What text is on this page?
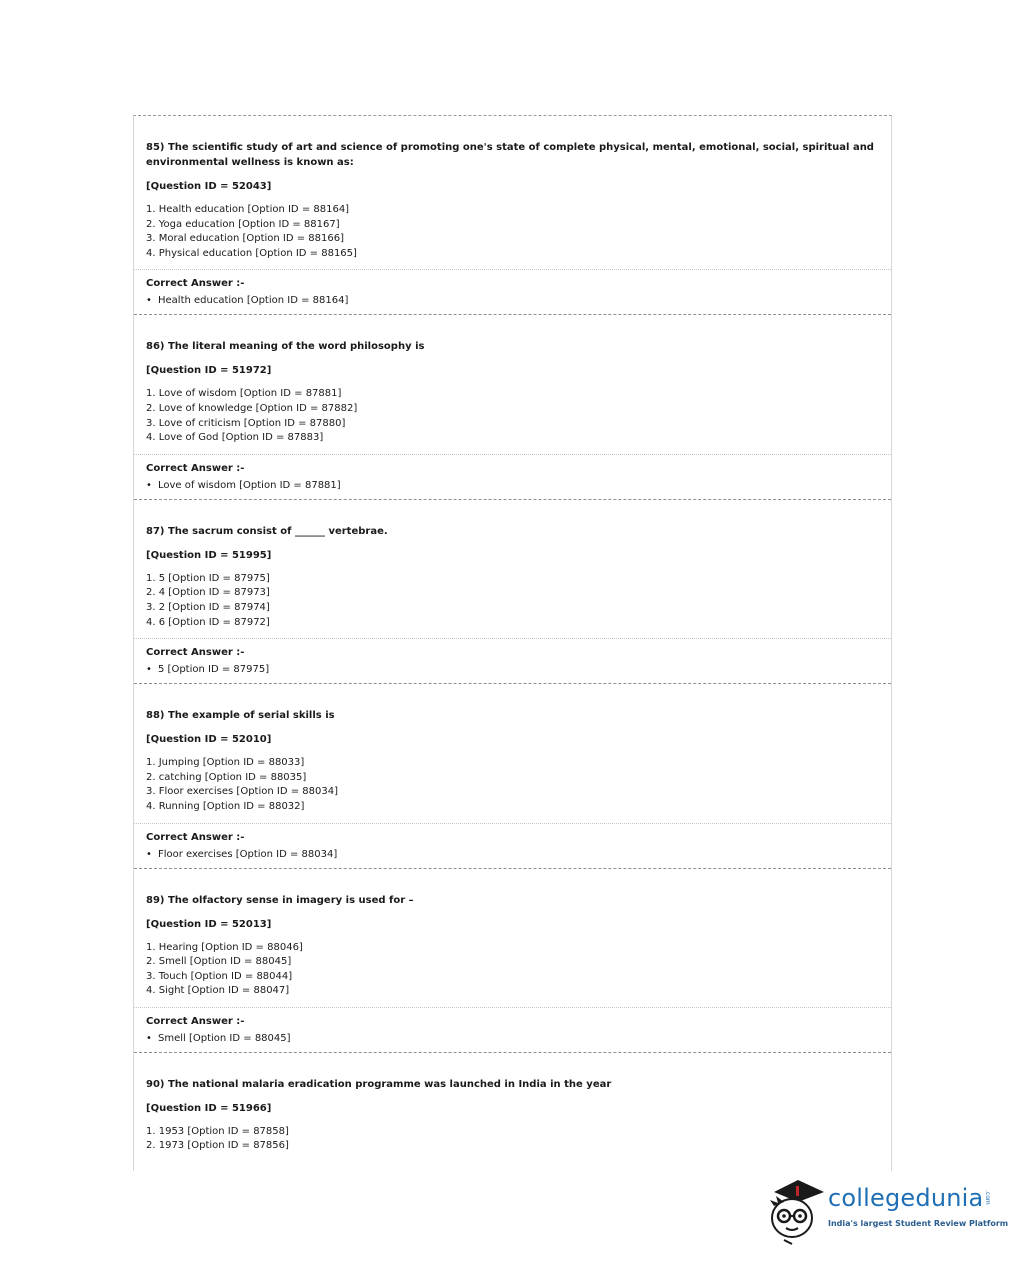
85) The scientific study of art and science of promoting one's state of complete physical, mental, emotional, social, spiritual and environmental wellness is known as:

[Question ID = 52043]

1. Health education [Option ID = 88164]
2. Yoga education [Option ID = 88167]
3. Moral education [Option ID = 88166]
4. Physical education [Option ID = 88165]
Correct Answer :-
• Health education [Option ID = 88164]

86) The literal meaning of the word philosophy is

[Question ID = 51972]

1. Love of wisdom [Option ID = 87881]
2. Love of knowledge [Option ID = 87882]
3. Love of criticism [Option ID = 87880]
4. Love of God [Option ID = 87883]
Correct Answer :-
• Love of wisdom [Option ID = 87881]

87) The sacrum consist of ______ vertebrae.

[Question ID = 51995]

1. 5 [Option ID = 87975]
2. 4 [Option ID = 87973]
3. 2 [Option ID = 87974]
4. 6 [Option ID = 87972]
Correct Answer :-
• 5 [Option ID = 87975]

88) The example of serial skills is

[Question ID = 52010]

1. Jumping [Option ID = 88033]
2. catching [Option ID = 88035]
3. Floor exercises [Option ID = 88034]
4. Running [Option ID = 88032]
Correct Answer :-
• Floor exercises [Option ID = 88034]

89) The olfactory sense in imagery is used for –

[Question ID = 52013]

1. Hearing [Option ID = 88046]
2. Smell [Option ID = 88045]
3. Touch [Option ID = 88044]
4. Sight [Option ID = 88047]
Correct Answer :-
• Smell [Option ID = 88045]

90) The national malaria eradication programme was launched in India in the year

[Question ID = 51966]

1. 1953 [Option ID = 87858]
2. 1973 [Option ID = 87856]
collegedunia .com
India's largest Student Review Platform
